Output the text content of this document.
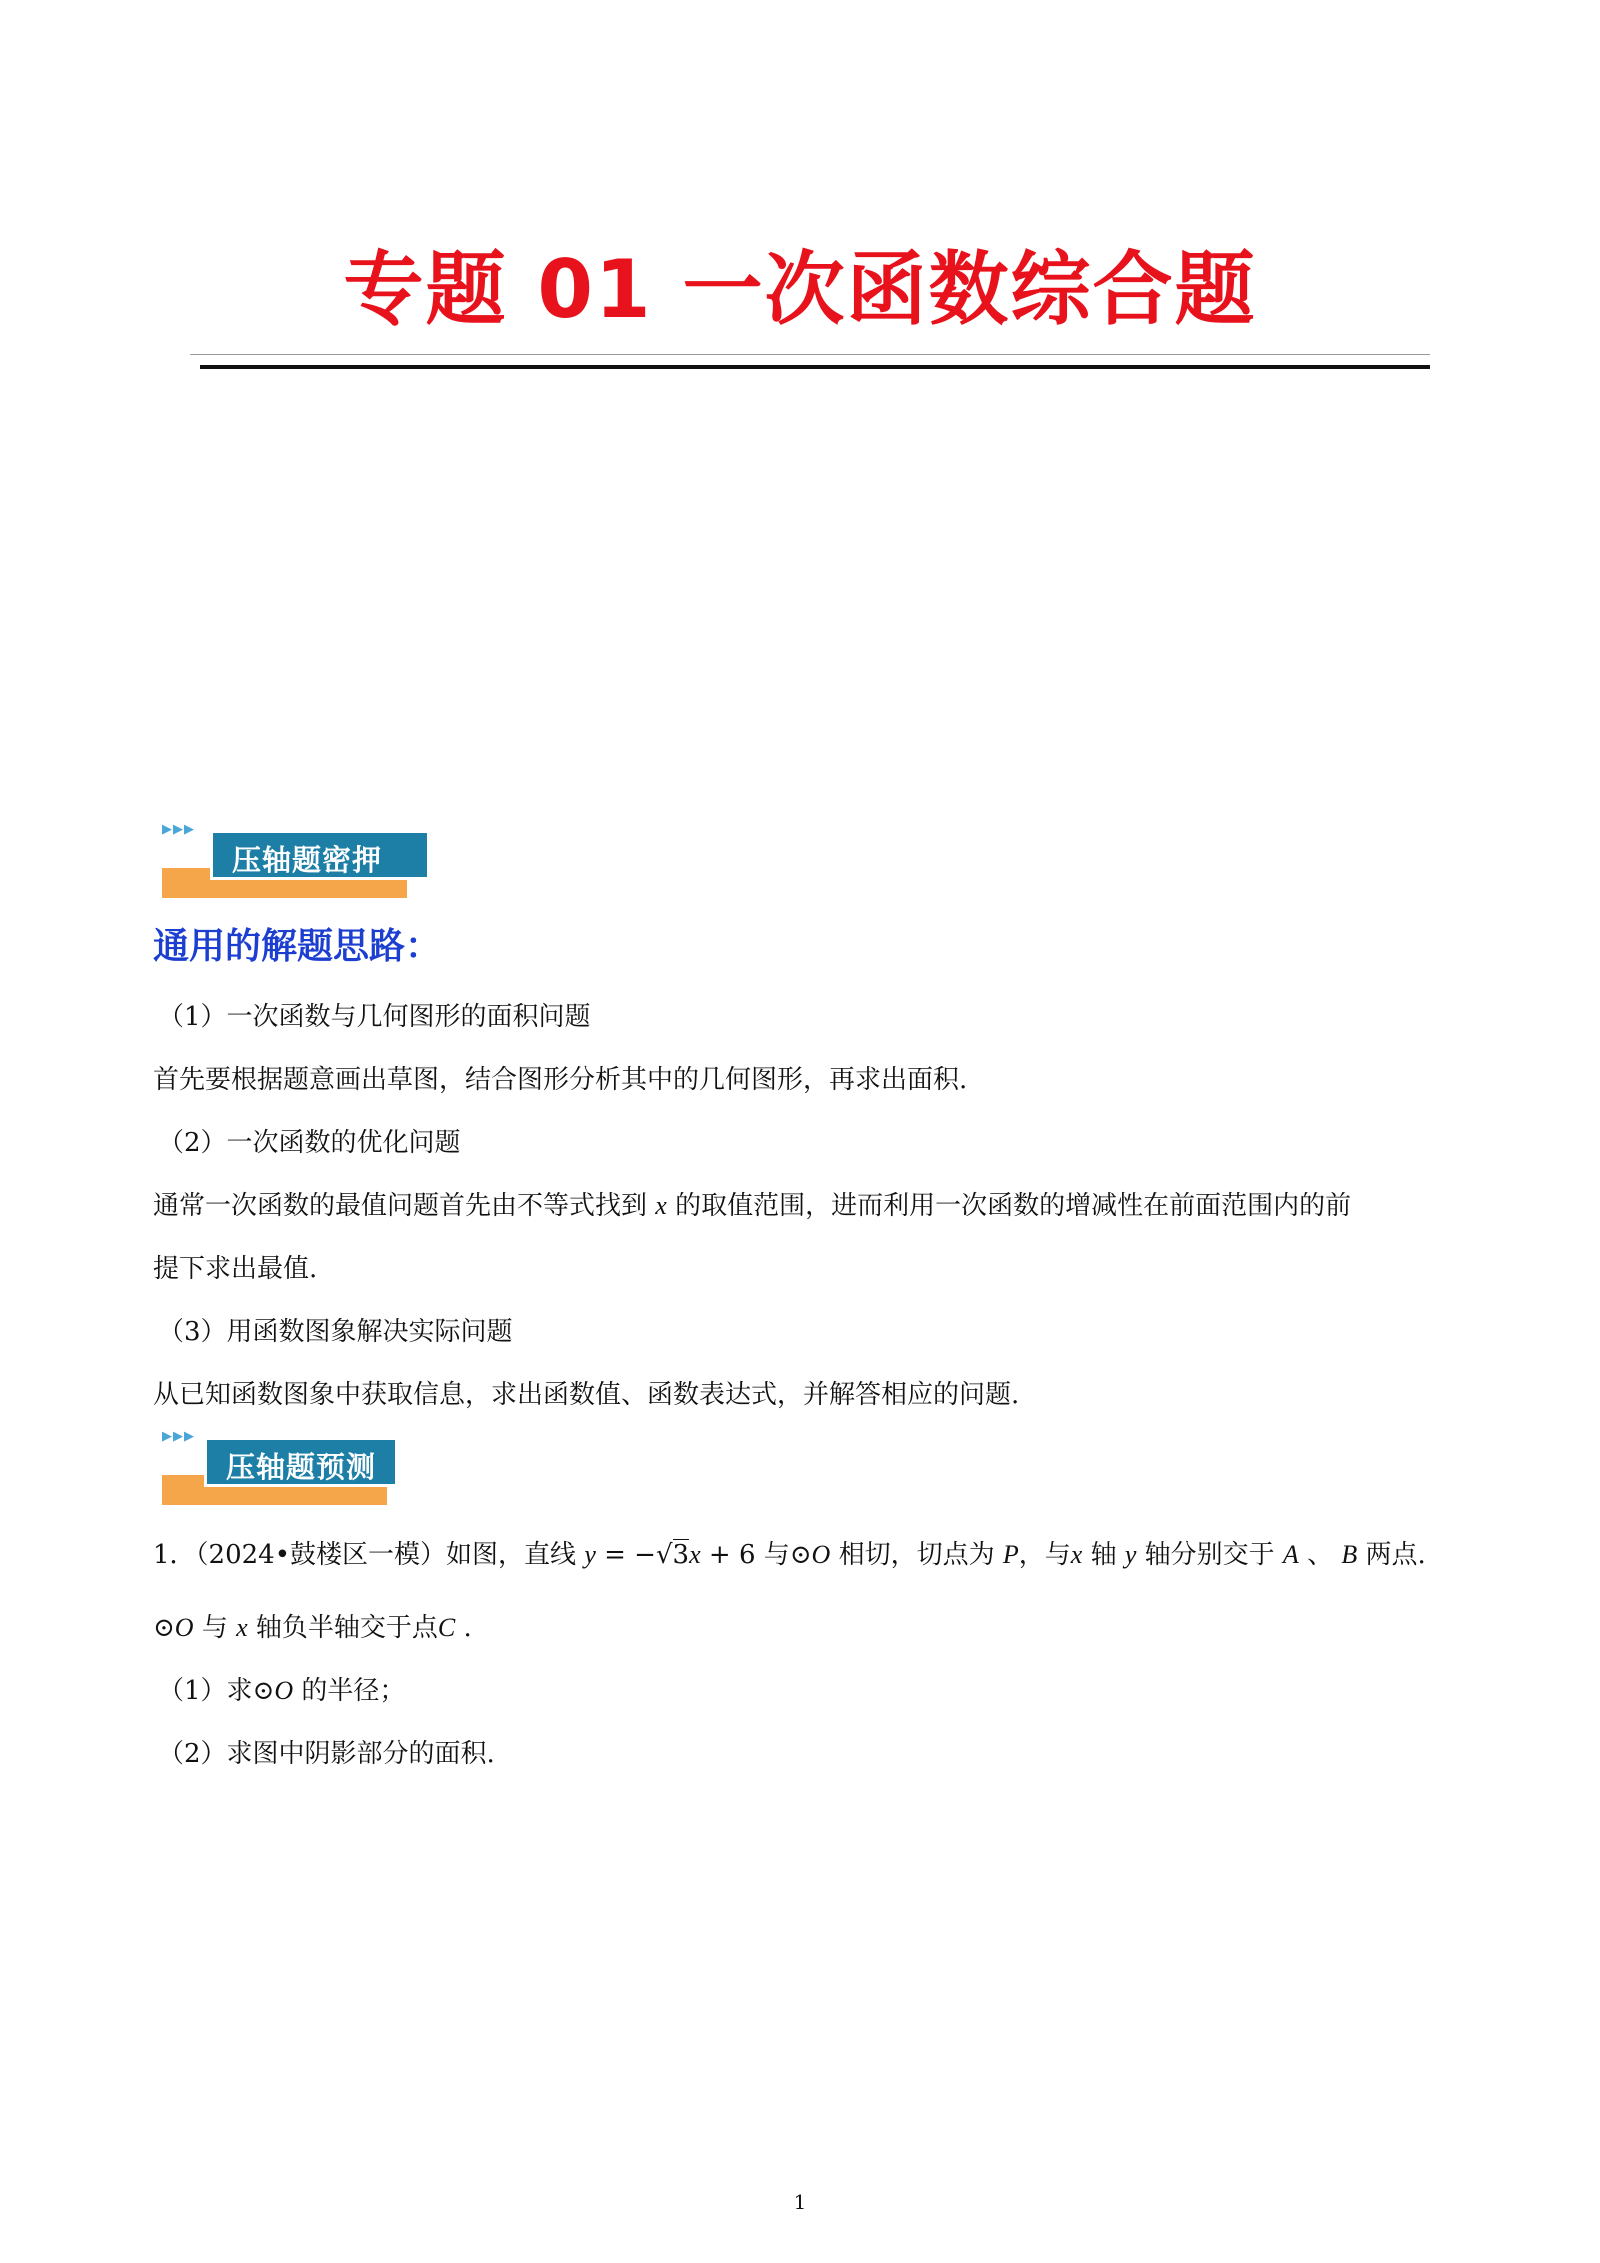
专题 01 一次函数综合题
▶▶▶
压轴题密押
通用的解题思路：
（1）一次函数与几何图形的面积问题
首先要根据题意画出草图，结合图形分析其中的几何图形，再求出面积.
（2）一次函数的优化问题
通常一次函数的最值问题首先由不等式找到 x 的取值范围，进而利用一次函数的增减性在前面范围内的前
提下求出最值.
（3）用函数图象解决实际问题
从已知函数图象中获取信息，求出函数值、函数表达式，并解答相应的问题.
▶▶▶
压轴题预测
1．（2024•鼓楼区一模）如图，直线 y = −√3x + 6 与⊙O 相切，切点为 P，与x 轴 y 轴分别交于 A 、 B 两点.
⊙O 与 x 轴负半轴交于点C .
（1）求⊙O 的半径；
（2）求图中阴影部分的面积.
1
